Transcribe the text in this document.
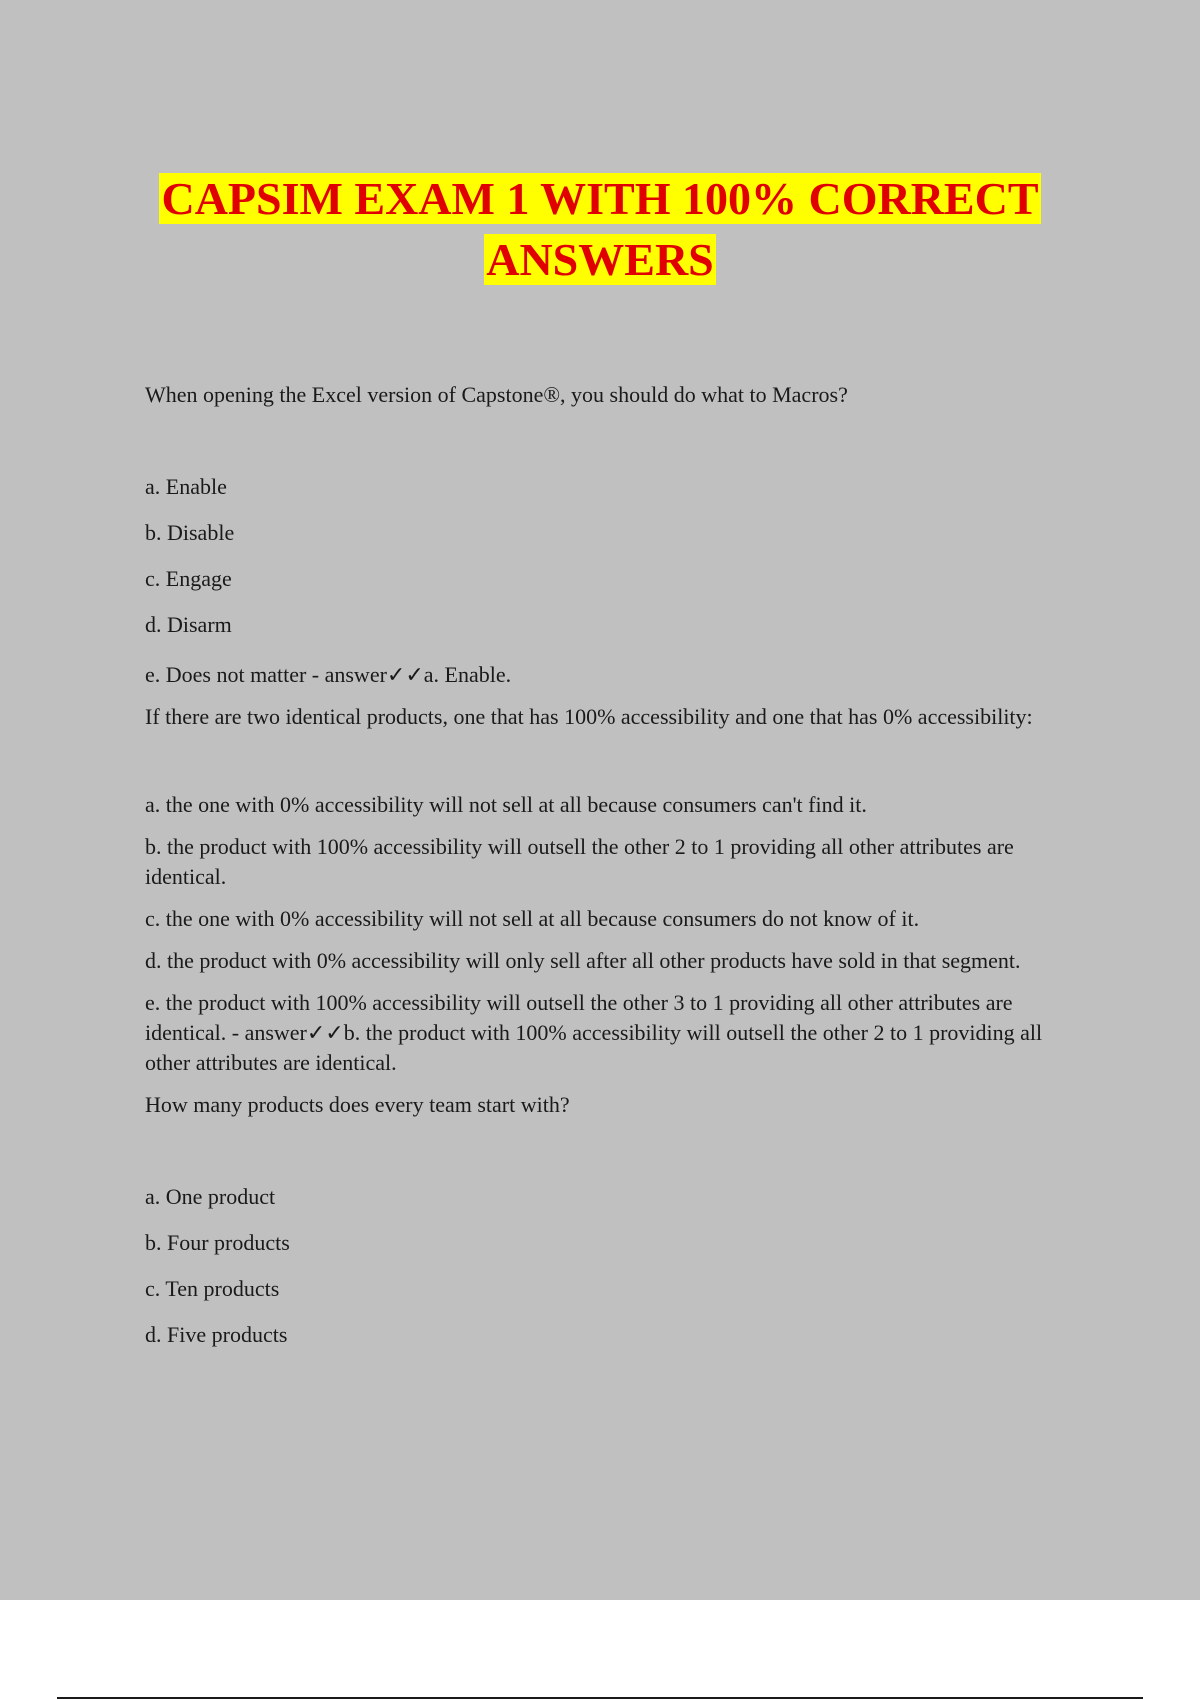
CAPSIM EXAM 1 WITH 100% CORRECT
ANSWERS

When opening the Excel version of Capstone®, you should do what to Macros?

a. Enable

b. Disable

c. Engage

d. Disarm

e. Does not matter - answer✓✓a. Enable.

If there are two identical products, one that has 100% accessibility and one that has 0% accessibility:

a. the one with 0% accessibility will not sell at all because consumers can't find it.

b. the product with 100% accessibility will outsell the other 2 to 1 providing all other attributes are identical.

c. the one with 0% accessibility will not sell at all because consumers do not know of it.

d. the product with 0% accessibility will only sell after all other products have sold in that segment.

e. the product with 100% accessibility will outsell the other 3 to 1 providing all other attributes are identical. - answer✓✓b. the product with 100% accessibility will outsell the other 2 to 1 providing all other attributes are identical.

How many products does every team start with?

a. One product

b. Four products

c. Ten products

d. Five products
